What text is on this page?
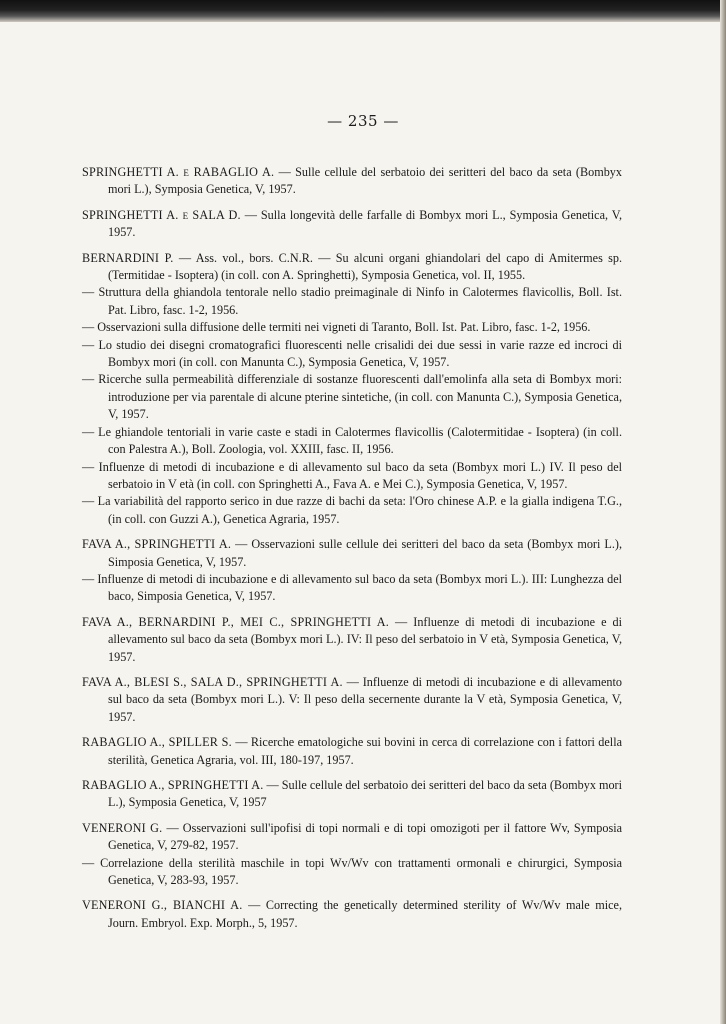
— 235 —
SPRINGHETTI A. e RABAGLIO A. — Sulle cellule del serbatoio dei seritteri del baco da seta (Bombyx mori L.), Symposia Genetica, V, 1957.
SPRINGHETTI A. e SALA D. — Sulla longevità delle farfalle di Bombyx mori L., Symposia Genetica, V, 1957.
BERNARDINI P. — Ass. vol., bors. C.N.R. — Su alcuni organi ghiandolari del capo di Amitermes sp. (Termitidae - Isoptera) (in coll. con A. Springhetti), Symposia Genetica, vol. II, 1955.
— Struttura della ghiandola tentorale nello stadio preimaginale di Ninfo in Calotermes flavicollis, Boll. Ist. Pat. Libro, fasc. 1-2, 1956.
— Osservazioni sulla diffusione delle termiti nei vigneti di Taranto, Boll. Ist. Pat. Libro, fasc. 1-2, 1956.
— Lo studio dei disegni cromatografici fluorescenti nelle crisalidi dei due sessi in varie razze ed incroci di Bombyx mori (in coll. con Manunta C.), Symposia Genetica, V, 1957.
— Ricerche sulla permeabilità differenziale di sostanze fluorescenti dall'emolinfa alla seta di Bombyx mori: introduzione per via parentale di alcune pterine sintetiche, (in coll. con Manunta C.), Symposia Genetica, V, 1957.
— Le ghiandole tentoriali in varie caste e stadi in Calotermes flavicollis (Calotermitidae - Isoptera) (in coll. con Palestra A.), Boll. Zoologia, vol. XXIII, fasc. II, 1956.
— Influenze di metodi di incubazione e di allevamento sul baco da seta (Bombyx mori L.) IV. Il peso del serbatoio in V età (in coll. con Springhetti A., Fava A. e Mei C.), Symposia Genetica, V, 1957.
— La variabilità del rapporto serico in due razze di bachi da seta: l'Oro chinese A.P. e la gialla indigena T.G., (in coll. con Guzzi A.), Genetica Agraria, 1957.
FAVA A., SPRINGHETTI A. — Osservazioni sulle cellule dei seritteri del baco da seta (Bombyx mori L.), Simposia Genetica, V, 1957.
— Influenze di metodi di incubazione e di allevamento sul baco da seta (Bombyx mori L.). III: Lunghezza del baco, Simposia Genetica, V, 1957.
FAVA A., BERNARDINI P., MEI C., SPRINGHETTI A. — Influenze di metodi di incubazione e di allevamento sul baco da seta (Bombyx mori L.). IV: Il peso del serbatoio in V età, Symposia Genetica, V, 1957.
FAVA A., BLESI S., SALA D., SPRINGHETTI A. — Influenze di metodi di incubazione e di allevamento sul baco da seta (Bombyx mori L.). V: Il peso della secernente durante la V età, Symposia Genetica, V, 1957.
RABAGLIO A., SPILLER S. — Ricerche ematologiche sui bovini in cerca di correlazione con i fattori della sterilità, Genetica Agraria, vol. III, 180-197, 1957.
RABAGLIO A., SPRINGHETTI A. — Sulle cellule del serbatoio dei seritteri del baco da seta (Bombyx mori L.), Symposia Genetica, V, 1957
VENERONI G. — Osservazioni sull'ipofisi di topi normali e di topi omozigoti per il fattore Wv, Symposia Genetica, V, 279-82, 1957.
— Correlazione della sterilità maschile in topi Wv/Wv con trattamenti ormonali e chirurgici, Symposia Genetica, V, 283-93, 1957.
VENERONI G., BIANCHI A. — Correcting the genetically determined sterility of Wv/Wv male mice, Journ. Embryol. Exp. Morph., 5, 1957.
